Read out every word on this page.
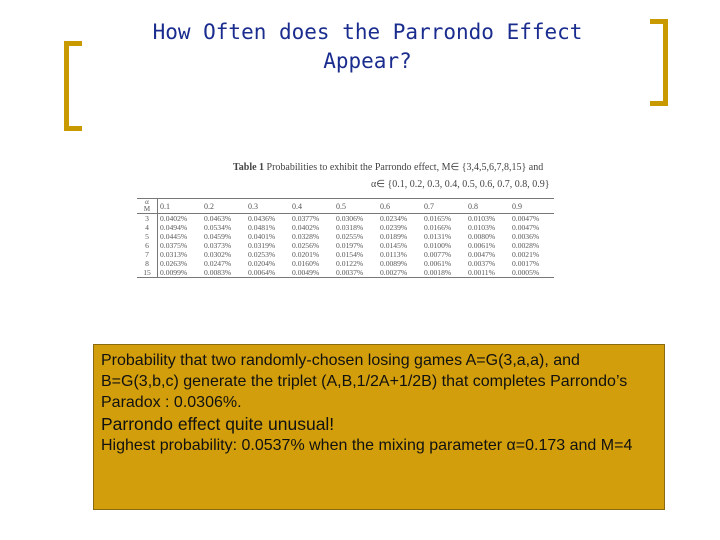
How Often does the Parrondo Effect Appear?
Table 1 Probabilities to exhibit the Parrondo effect, M∈ {3,4,5,6,7,8,15} and
α∈ {0.1, 0.2, 0.3, 0.4, 0.5, 0.6, 0.7, 0.8, 0.9}
α
M	0.1	0.2	0.3	0.4	0.5	0.6	0.7	0.8	0.9
3	0.0402%	0.0463%	0.0436%	0.0377%	0.0306%	0.0234%	0.0165%	0.0103%	0.0047%
4	0.0494%	0.0534%	0.0481%	0.0402%	0.0318%	0.0239%	0.0166%	0.0103%	0.0047%
5	0.0445%	0.0459%	0.0401%	0.0328%	0.0255%	0.0189%	0.0131%	0.0080%	0.0036%
6	0.0375%	0.0373%	0.0319%	0.0256%	0.0197%	0.0145%	0.0100%	0.0061%	0.0028%
7	0.0313%	0.0302%	0.0253%	0.0201%	0.0154%	0.0113%	0.0077%	0.0047%	0.0021%
8	0.0263%	0.0247%	0.0204%	0.0160%	0.0122%	0.0089%	0.0061%	0.0037%	0.0017%
15	0.0099%	0.0083%	0.0064%	0.0049%	0.0037%	0.0027%	0.0018%	0.0011%	0.0005%

Probability that two randomly-chosen losing games A=G(3,a,a), and B=G(3,b,c) generate the triplet (A,B,1/2A+1/2B) that completes Parrondo’s Paradox : 0.0306%.

Parrondo effect quite unusual!

Highest probability: 0.0537% when the mixing parameter α=0.173 and M=4
